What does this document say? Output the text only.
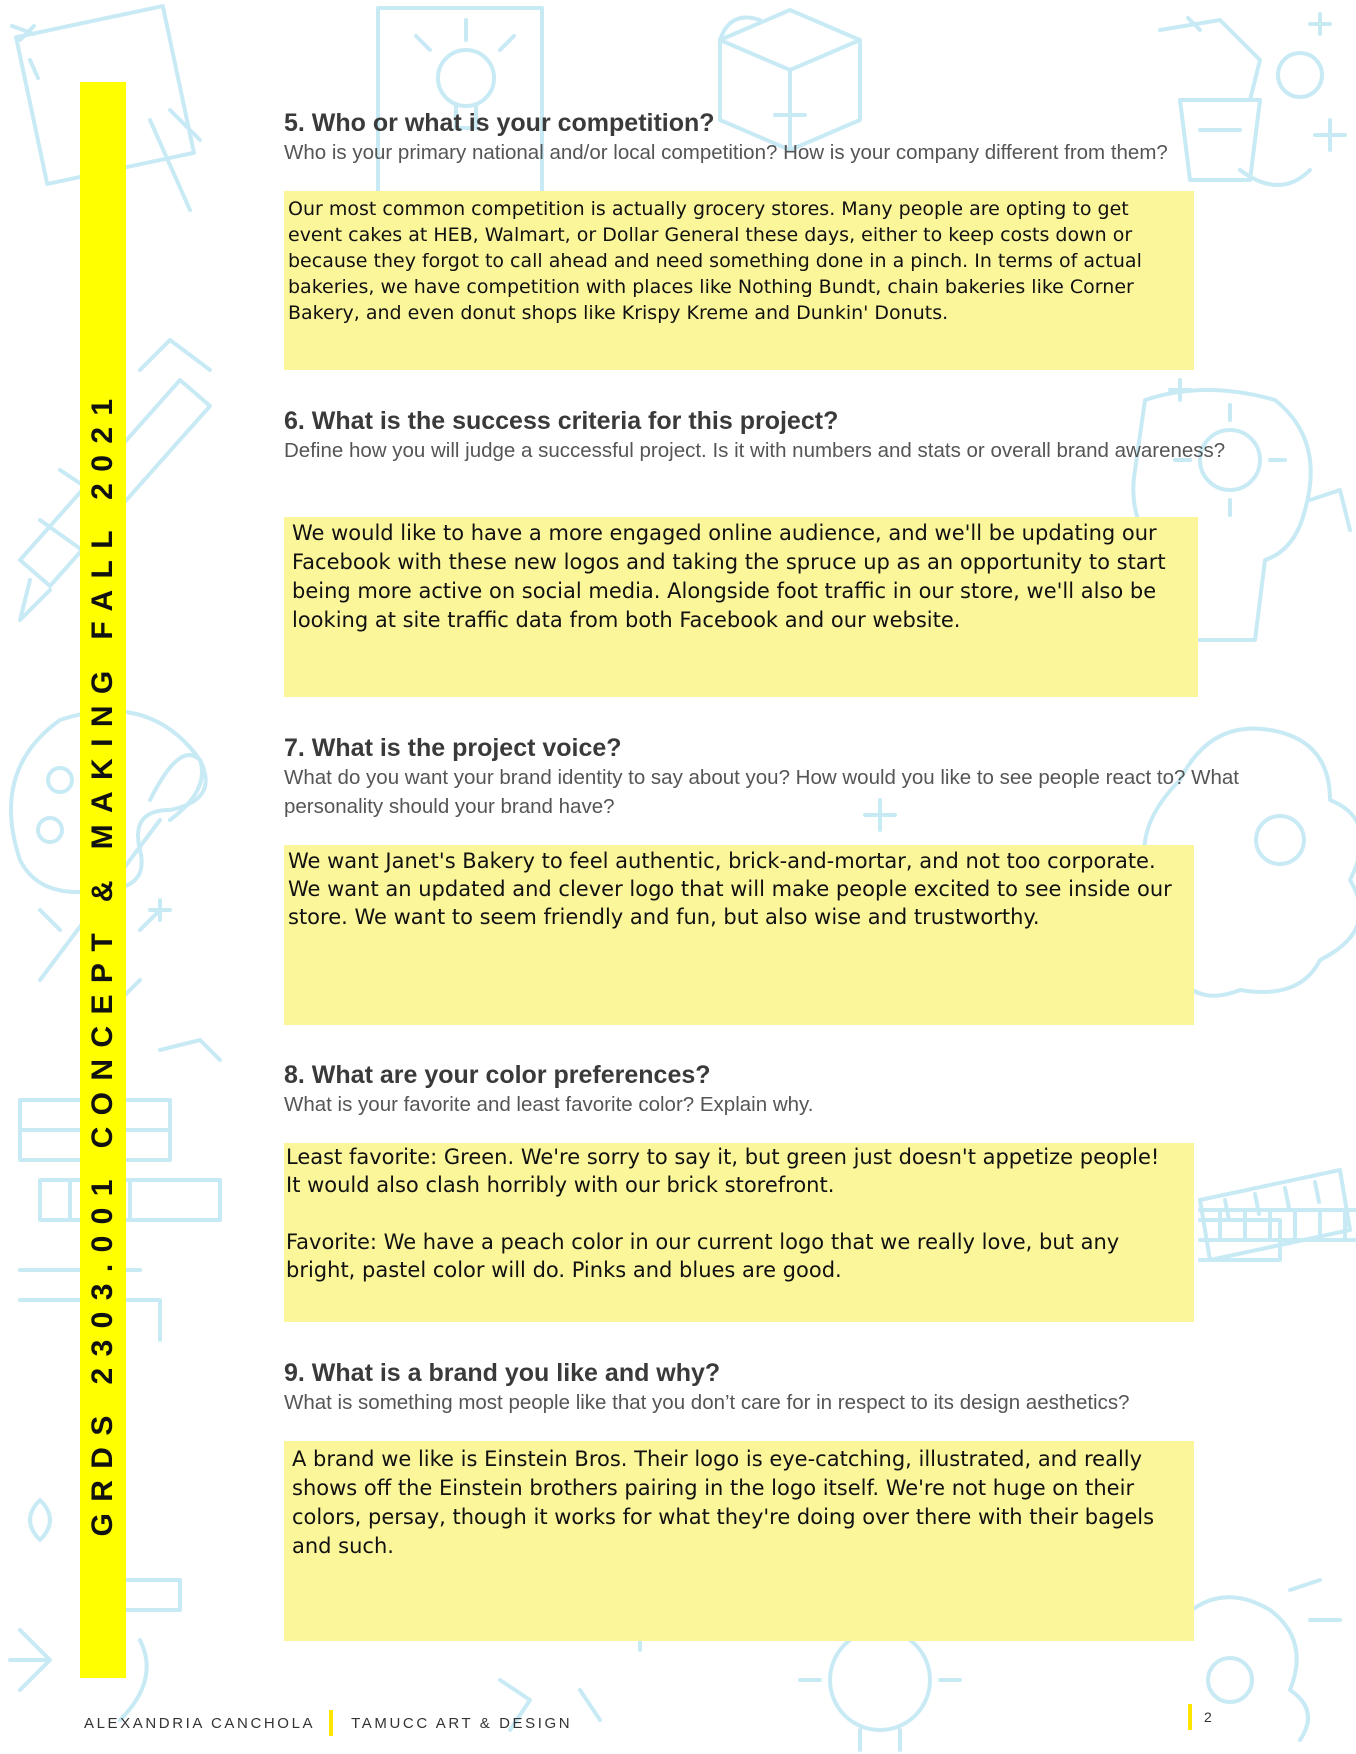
GRDS 2303.001 CONCEPT & MAKING FALL 2021
5. Who or what is your competition?

Who is your primary national and/or local competition? How is your company different from them?

Our most common competition is actually grocery stores. Many people are opting to get event cakes at HEB, Walmart, or Dollar General these days, either to keep costs down or because they forgot to call ahead and need something done in a pinch. In terms of actual bakeries, we have competition with places like Nothing Bundt, chain bakeries like Corner Bakery, and even donut shops like Krispy Kreme and Dunkin' Donuts.

6. What is the success criteria for this project?

Define how you will judge a successful project. Is it with numbers and stats or overall brand awareness?

We would like to have a more engaged online audience, and we'll be updating our Facebook with these new logos and taking the spruce up as an opportunity to start being more active on social media. Alongside foot traffic in our store, we'll also be looking at site traffic data from both Facebook and our website.

7. What is the project voice?

What do you want your brand identity to say about you? How would you like to see people react to? What personality should your brand have?

We want Janet's Bakery to feel authentic, brick-and-mortar, and not too corporate. We want an updated and clever logo that will make people excited to see inside our store. We want to seem friendly and fun, but also wise and trustworthy.

8. What are your color preferences?

What is your favorite and least favorite color? Explain why.

Least favorite: Green. We're sorry to say it, but green just doesn't appetize people! It would also clash horribly with our brick storefront.

Favorite: We have a peach color in our current logo that we really love, but any bright, pastel color will do. Pinks and blues are good.

9. What is a brand you like and why?

What is something most people like that you don’t care for in respect to its design aesthetics?

A brand we like is Einstein Bros. Their logo is eye-catching, illustrated, and really shows off the Einstein brothers pairing in the logo itself. We're not huge on their colors, persay, though it works for what they're doing over there with their bagels and such.

ALEXANDRIA CANCHOLA TAMUCC ART & DESIGN	2
